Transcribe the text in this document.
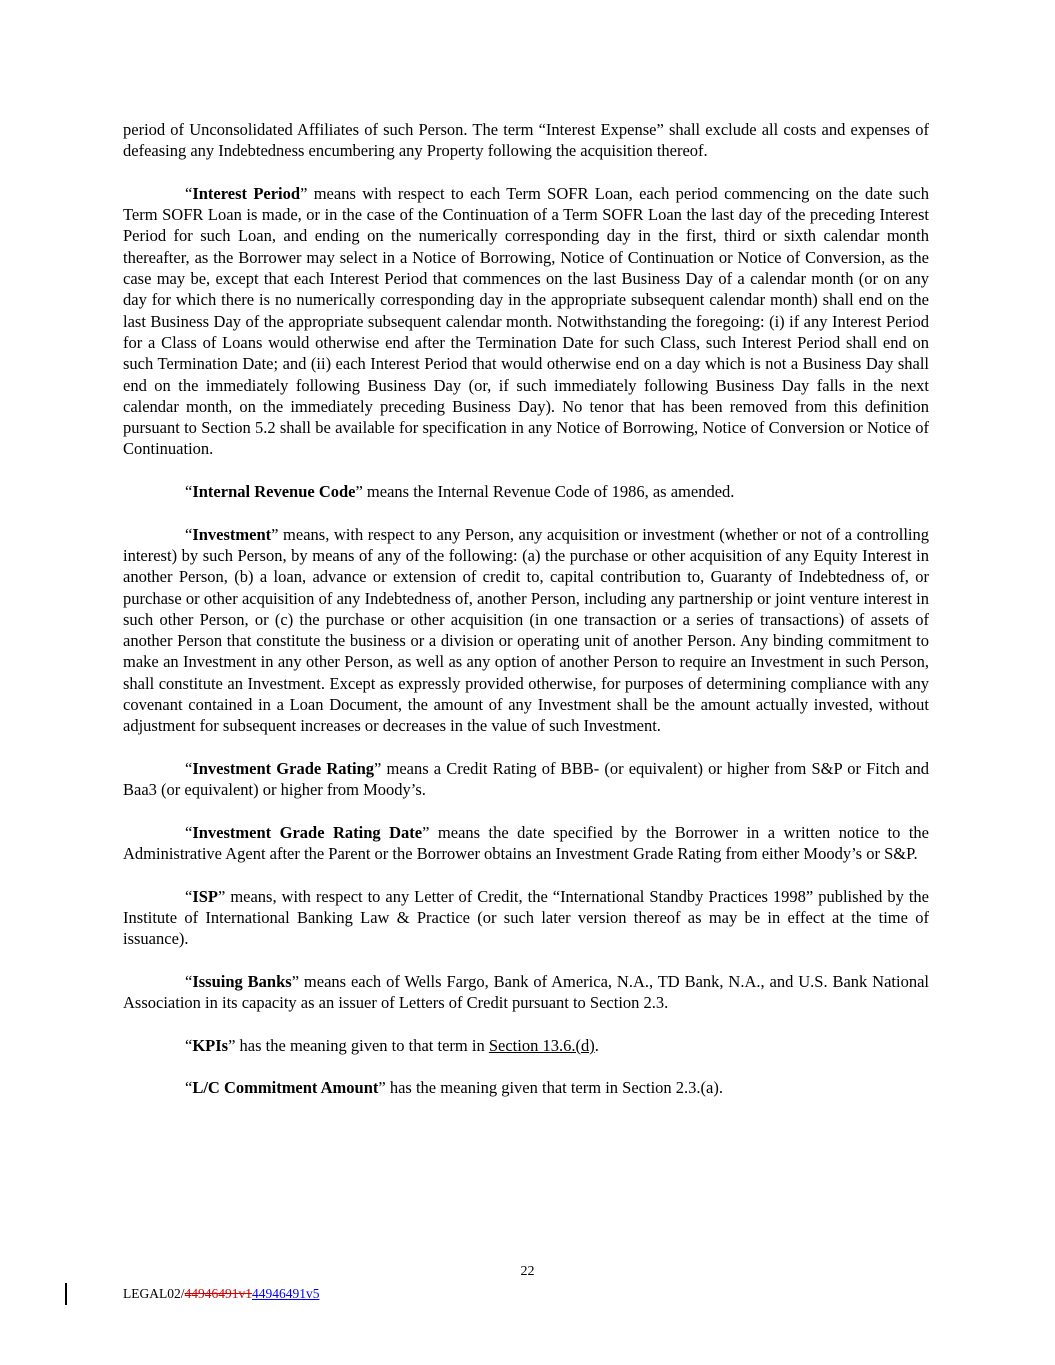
period of Unconsolidated Affiliates of such Person. The term “Interest Expense” shall exclude all costs and expenses of defeasing any Indebtedness encumbering any Property following the acquisition thereof.

“Interest Period” means with respect to each Term SOFR Loan, each period commencing on the date such Term SOFR Loan is made, or in the case of the Continuation of a Term SOFR Loan the last day of the preceding Interest Period for such Loan, and ending on the numerically corresponding day in the first, third or sixth calendar month thereafter, as the Borrower may select in a Notice of Borrowing, Notice of Continuation or Notice of Conversion, as the case may be, except that each Interest Period that commences on the last Business Day of a calendar month (or on any day for which there is no numerically corresponding day in the appropriate subsequent calendar month) shall end on the last Business Day of the appropriate subsequent calendar month. Notwithstanding the foregoing: (i) if any Interest Period for a Class of Loans would otherwise end after the Termination Date for such Class, such Interest Period shall end on such Termination Date; and (ii) each Interest Period that would otherwise end on a day which is not a Business Day shall end on the immediately following Business Day (or, if such immediately following Business Day falls in the next calendar month, on the immediately preceding Business Day). No tenor that has been removed from this definition pursuant to Section 5.2 shall be available for specification in any Notice of Borrowing, Notice of Conversion or Notice of Continuation.

“Internal Revenue Code” means the Internal Revenue Code of 1986, as amended.

“Investment” means, with respect to any Person, any acquisition or investment (whether or not of a controlling interest) by such Person, by means of any of the following: (a) the purchase or other acquisition of any Equity Interest in another Person, (b) a loan, advance or extension of credit to, capital contribution to, Guaranty of Indebtedness of, or purchase or other acquisition of any Indebtedness of, another Person, including any partnership or joint venture interest in such other Person, or (c) the purchase or other acquisition (in one transaction or a series of transactions) of assets of another Person that constitute the business or a division or operating unit of another Person. Any binding commitment to make an Investment in any other Person, as well as any option of another Person to require an Investment in such Person, shall constitute an Investment. Except as expressly provided otherwise, for purposes of determining compliance with any covenant contained in a Loan Document, the amount of any Investment shall be the amount actually invested, without adjustment for subsequent increases or decreases in the value of such Investment.

“Investment Grade Rating” means a Credit Rating of BBB- (or equivalent) or higher from S&P or Fitch and Baa3 (or equivalent) or higher from Moody’s.

“Investment Grade Rating Date” means the date specified by the Borrower in a written notice to the Administrative Agent after the Parent or the Borrower obtains an Investment Grade Rating from either Moody’s or S&P.

“ISP” means, with respect to any Letter of Credit, the “International Standby Practices 1998” published by the Institute of International Banking Law & Practice (or such later version thereof as may be in effect at the time of issuance).

“Issuing Banks” means each of Wells Fargo, Bank of America, N.A., TD Bank, N.A., and U.S. Bank National Association in its capacity as an issuer of Letters of Credit pursuant to Section 2.3.

“KPIs” has the meaning given to that term in Section 13.6.(d).

“L/C Commitment Amount” has the meaning given that term in Section 2.3.(a).

22
LEGAL02/44946491v144946491v5
